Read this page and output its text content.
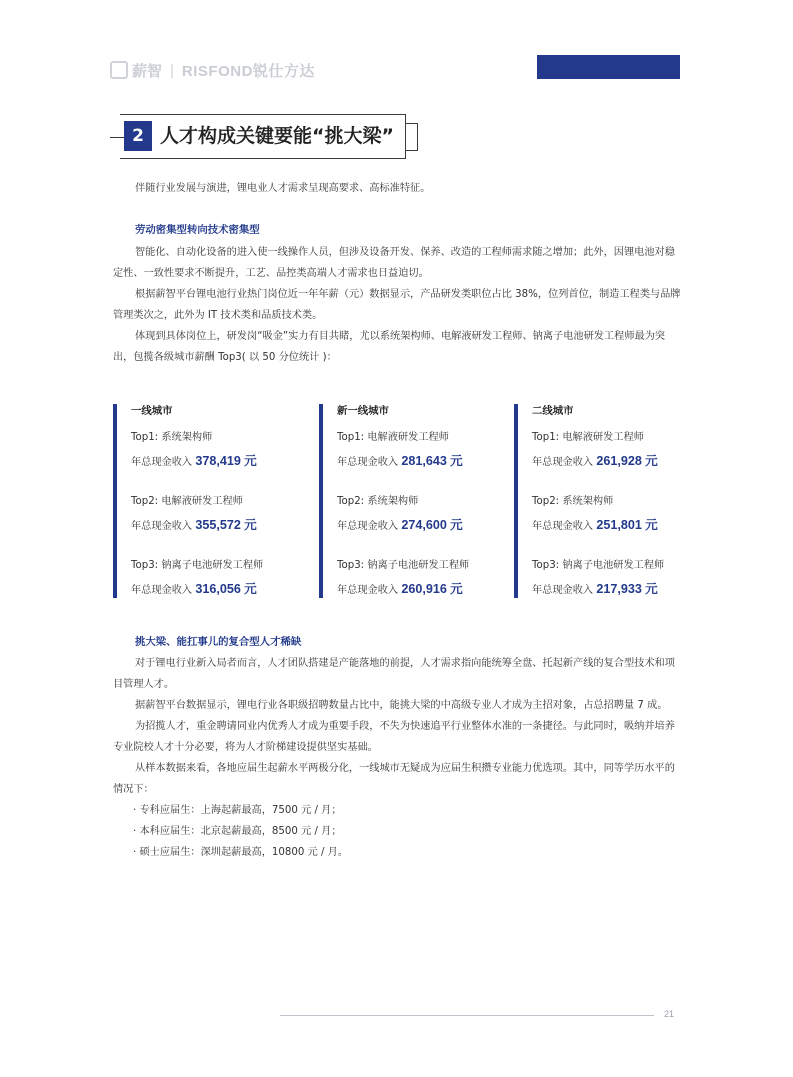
薪智 | RISFOND锐仕方达
2 人才构成关键要能“挑大梁”
伴随行业发展与演进，锂电业人才需求呈现高要求、高标准特征。
劳动密集型转向技术密集型

智能化、自动化设备的进入使一线操作人员，但涉及设备开发、保养、改造的工程师需求随之增加；此外，因锂电池对稳定性、一致性要求不断提升，工艺、品控类高端人才需求也日益迫切。

根据薪智平台锂电池行业热门岗位近一年年薪（元）数据显示，产品研发类职位占比 38%，位列首位，制造工程类与品牌管理类次之，此外为 IT 技术类和品质技术类。

体现到具体岗位上，研发岗“吸金”实力有目共睹，尤以系统架构师、电解液研发工程师、钠离子电池研发工程师最为突出，包揽各级城市薪酬 Top3( 以 50 分位统计 )：

一线城市
Top1: 系统架构师
年总现金收入 378,419 元
Top2: 电解液研发工程师
年总现金收入 355,572 元
Top3: 钠离子电池研发工程师
年总现金收入 316,056 元
新一线城市
Top1: 电解液研发工程师
年总现金收入 281,643 元
Top2: 系统架构师
年总现金收入 274,600 元
Top3: 钠离子电池研发工程师
年总现金收入 260,916 元
二线城市
Top1: 电解液研发工程师
年总现金收入 261,928 元
Top2: 系统架构师
年总现金收入 251,801 元
Top3: 钠离子电池研发工程师
年总现金收入 217,933 元
挑大梁、能扛事儿的复合型人才稀缺

对于锂电行业新入局者而言，人才团队搭建是产能落地的前提，人才需求指向能统筹全盘、托起新产线的复合型技术和项目管理人才。

据薪智平台数据显示，锂电行业各职级招聘数量占比中，能挑大梁的中高级专业人才成为主招对象，占总招聘量 7 成。

为招揽人才，重金聘请同业内优秀人才成为重要手段，不失为快速追平行业整体水准的一条捷径。与此同时，吸纳并培养专业院校人才十分必要，将为人才阶梯建设提供坚实基础。

从样本数据来看，各地应届生起薪水平两极分化，一线城市无疑成为应届生积攒专业能力优选项。其中，同等学历水平的情况下：

· 专科应届生：上海起薪最高，7500 元 / 月；

· 本科应届生：北京起薪最高，8500 元 / 月；

· 硕士应届生：深圳起薪最高，10800 元 / 月。

21
